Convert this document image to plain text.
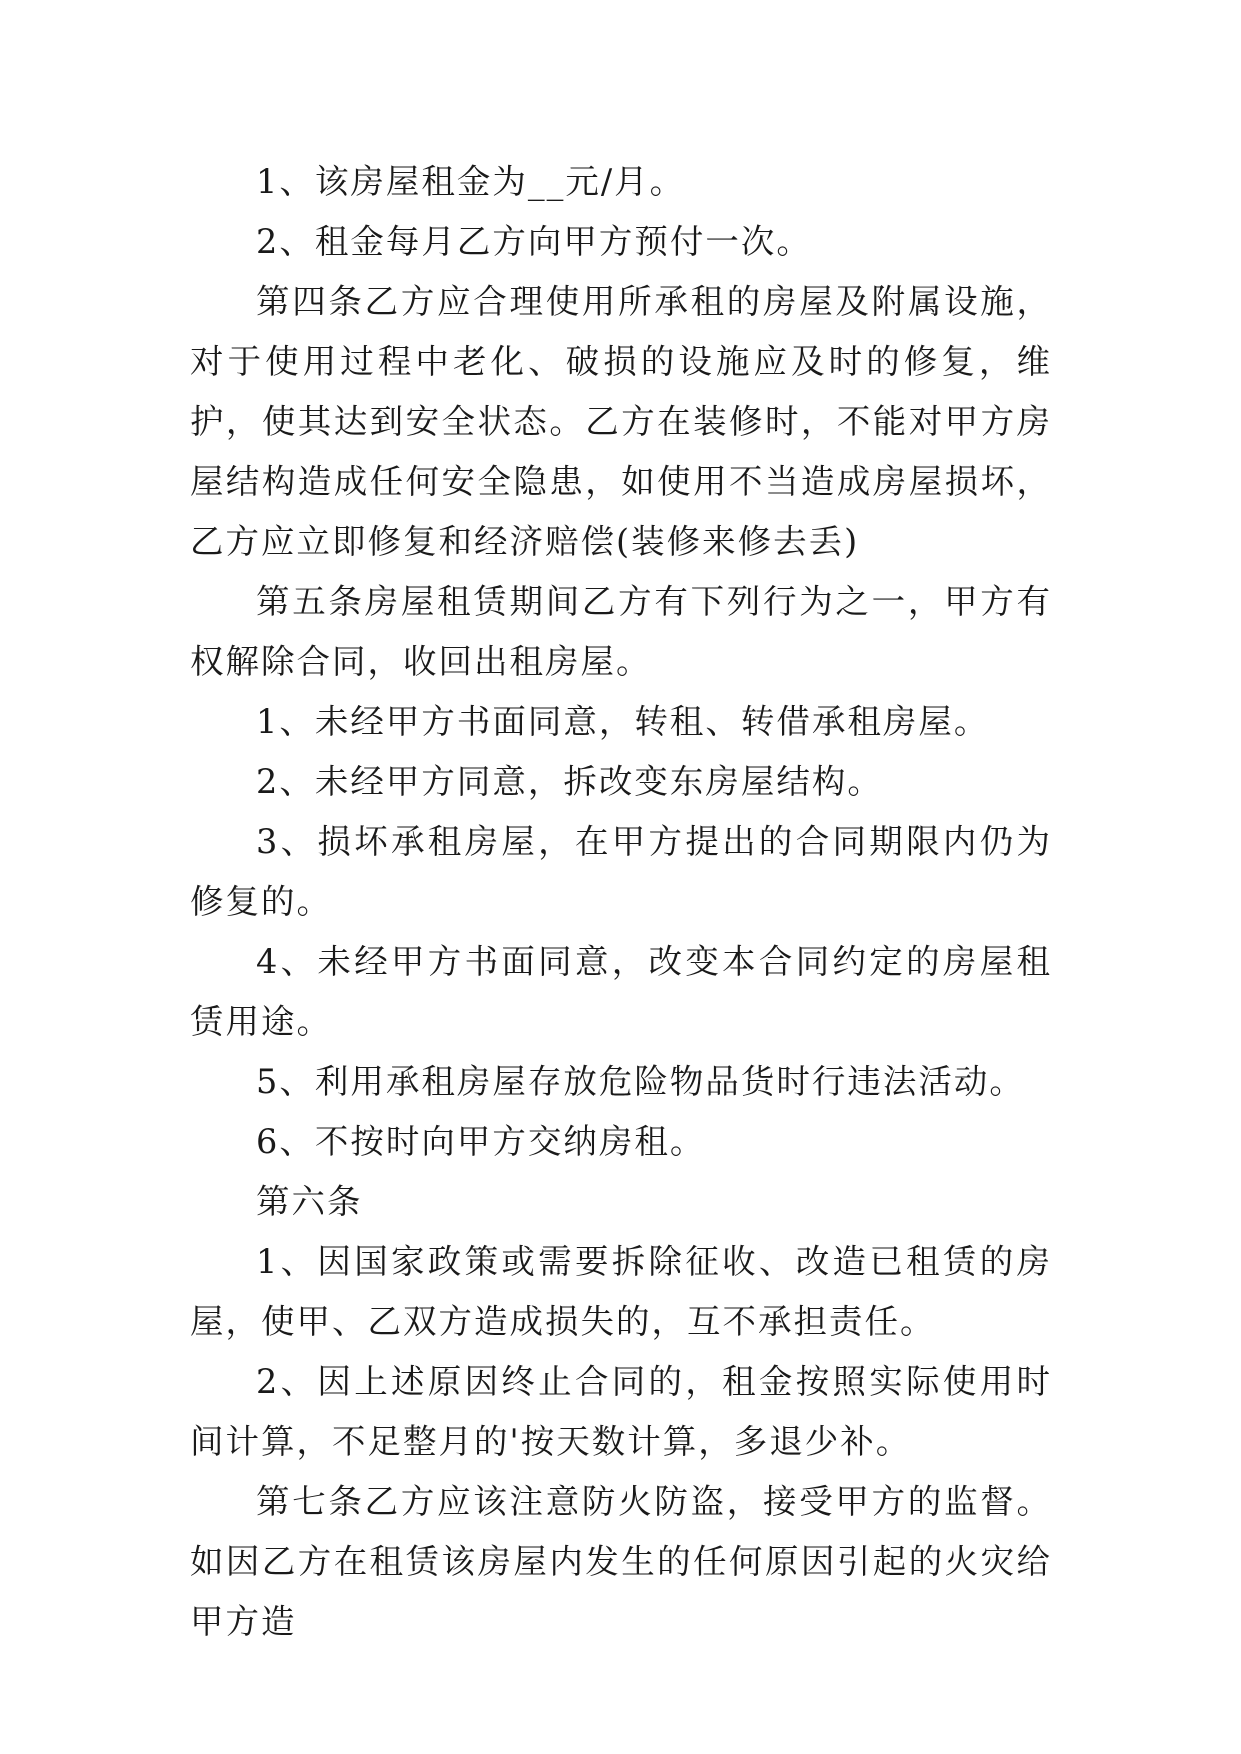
1、该房屋租金为__元/月。

2、租金每月乙方向甲方预付一次。

第四条乙方应合理使用所承租的房屋及附属设施，对于使用过程中老化、破损的设施应及时的修复，维护，使其达到安全状态。乙方在装修时，不能对甲方房屋结构造成任何安全隐患，如使用不当造成房屋损坏，乙方应立即修复和经济赔偿(装修来修去丢)

第五条房屋租赁期间乙方有下列行为之一，甲方有权解除合同，收回出租房屋。

1、未经甲方书面同意，转租、转借承租房屋。

2、未经甲方同意，拆改变东房屋结构。

3、损坏承租房屋，在甲方提出的合同期限内仍为修复的。

4、未经甲方书面同意，改变本合同约定的房屋租赁用途。

5、利用承租房屋存放危险物品货时行违法活动。

6、不按时向甲方交纳房租。

第六条

1、因国家政策或需要拆除征收、改造已租赁的房屋，使甲、乙双方造成损失的，互不承担责任。

2、因上述原因终止合同的，租金按照实际使用时间计算，不足整月的'按天数计算，多退少补。

第七条乙方应该注意防火防盗，接受甲方的监督。如因乙方在租赁该房屋内发生的任何原因引起的火灾给甲方造
